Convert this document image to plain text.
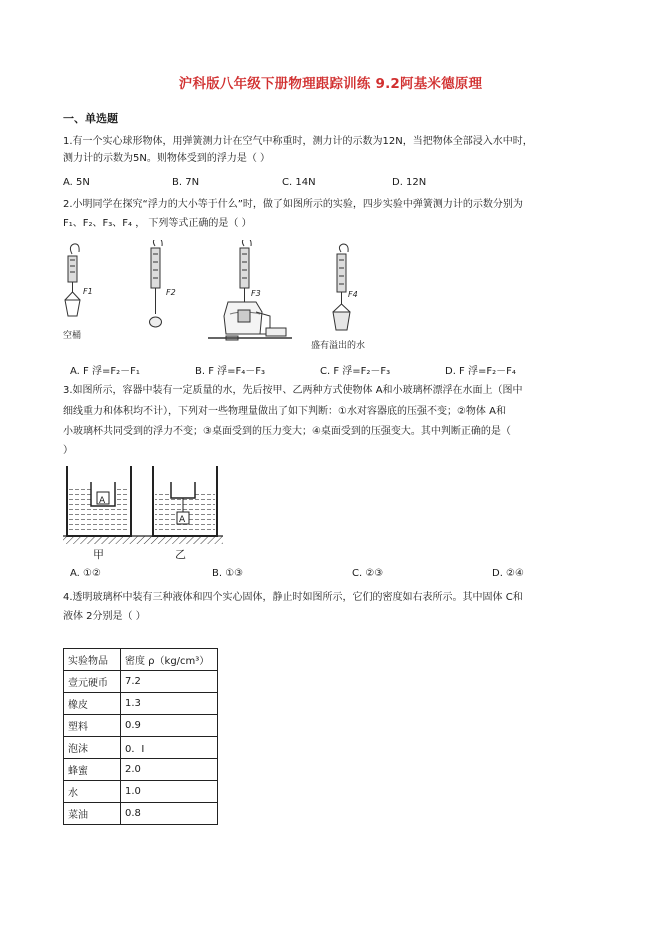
沪科版八年级下册物理跟踪训练 9.2阿基米德原理
一、单选题
1.有一个实心球形物体，用弹簧测力计在空气中称重时，测力计的示数为12N，当把物体全部浸入水中时，
测力计的示数为5N。则物体受到的浮力是（ ）
A. 5N	B. 7N	C. 14N	D. 12N
2.小明同学在探究“浮力的大小等于什么”时，做了如图所示的实验，四步实验中弹簧测力计的示数分别为
F₁、F₂、F₃、F₄ ， 下列等式正确的是（ ）
F1	F2	F3	F4
空桶
盛有溢出的水
A. F 浮=F₂－F₁	B. F 浮=F₄－F₃	C. F 浮=F₂－F₃	D. F 浮=F₂－F₄
3.如图所示，容器中装有一定质量的水，先后按甲、乙两种方式使物体 A和小玻璃杯漂浮在水面上（图中
细线重力和体积均不计），下列对一些物理量做出了如下判断：①水对容器底的压强不变；②物体 A和
小玻璃杯共同受到的浮力不变；③桌面受到的压力变大；④桌面受到的压强变大。其中判断正确的是（
）
A
A
甲	乙
A. ①②	B. ①③	C. ②③	D. ②④
4.透明玻璃杯中装有三种液体和四个实心固体，静止时如图所示，它们的密度如右表所示。其中固体 C和
液体 2分别是（ ）
实验物品	密度 ρ（kg/cm³）
壹元硬币	7.2
橡皮	1.3
塑料	0.9
泡沫	0．I
蜂蜜	2.0
水	1.0
菜油	0.8
